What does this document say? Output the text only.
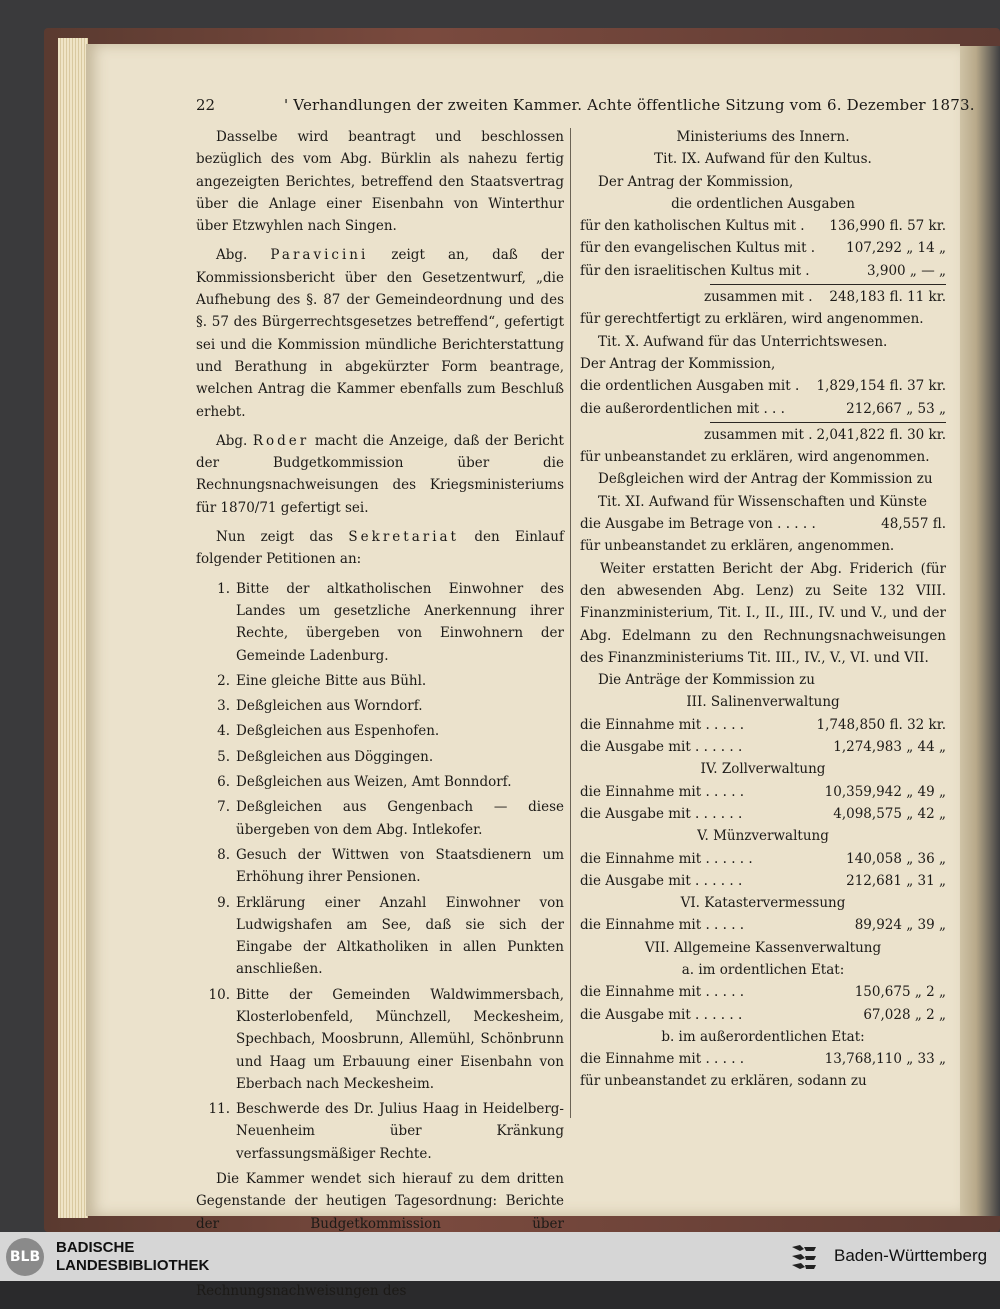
22	' Verhandlungen der zweiten Kammer. Achte öffentliche Sitzung vom 6. Dezember 1873.

Dasselbe wird beantragt und beschlossen bezüglich des vom Abg. Bürklin als nahezu fertig angezeigten Berichtes, betreffend den Staatsvertrag über die Anlage einer Eisenbahn von Winterthur über Etzwyhlen nach Singen.

Abg. Paravicini zeigt an, daß der Kommissionsbericht über den Gesetzentwurf, „die Aufhebung des §. 87 der Gemeindeordnung und des §. 57 des Bürgerrechtsgesetzes betreffend“, gefertigt sei und die Kommission mündliche Berichterstattung und Berathung in abgekürzter Form beantrage, welchen Antrag die Kammer ebenfalls zum Beschluß erhebt.

Abg. Roder macht die Anzeige, daß der Bericht der Budgetkommission über die Rechnungsnachweisungen des Kriegsministeriums für 1870/71 gefertigt sei.

Nun zeigt das Sekretariat den Einlauf folgender Petitionen an:

1. Bitte der altkatholischen Einwohner des Landes um gesetzliche Anerkennung ihrer Rechte, übergeben von Einwohnern der Gemeinde Ladenburg.
2. Eine gleiche Bitte aus Bühl.
3. Deßgleichen aus Worndorf.
4. Deßgleichen aus Espenhofen.
5. Deßgleichen aus Döggingen.
6. Deßgleichen aus Weizen, Amt Bonndorf.
7. Deßgleichen aus Gengenbach — diese übergeben von dem Abg. Intlekofer.
8. Gesuch der Wittwen von Staatsdienern um Erhöhung ihrer Pensionen.
9. Erklärung einer Anzahl Einwohner von Ludwigshafen am See, daß sie sich der Eingabe der Altkatholiken in allen Punkten anschließen.
10. Bitte der Gemeinden Waldwimmersbach, Klosterlobenfeld, Münchzell, Meckesheim, Spechbach, Moosbrunn, Allemühl, Schönbrunn und Haag um Erbauung einer Eisenbahn von Eberbach nach Meckesheim.
11. Beschwerde des Dr. Julius Haag in Heidelberg-Neuenheim über Kränkung verfassungsmäßiger Rechte.

Die Kammer wendet sich hierauf zu dem dritten Gegenstande der heutigen Tagesordnung: Berichte der Budgetkommission über Rechnungsnachweisungen des

Ministeriums des Innern.
Tit. IX. Aufwand für den Kultus.
Der Antrag der Kommission,
die ordentlichen Ausgaben
für den katholischen Kultus mit .	136,990 fl. 57 kr.
für den evangelischen Kultus mit .	107,292 „ 14 „
für den israelitischen Kultus mit .	3,900 „ — „
zusammen mit .	248,183 fl. 11 kr.
für gerechtfertigt zu erklären, wird angenommen.
Tit. X. Aufwand für das Unterrichtswesen.
Der Antrag der Kommission,
die ordentlichen Ausgaben mit .	1,829,154 fl. 37 kr.
die außerordentlichen mit . . .	212,667 „ 53 „
zusammen mit . 2,041,822 fl. 30 kr.
für unbeanstandet zu erklären, wird angenommen.
Deßgleichen wird der Antrag der Kommission zu
Tit. XI. Aufwand für Wissenschaften und Künste
die Ausgabe im Betrage von . . . . .	48,557 fl.
für unbeanstandet zu erklären, angenommen.

Weiter erstatten Bericht der Abg. Friderich (für den abwesenden Abg. Lenz) zu Seite 132 VIII. Finanzministerium, Tit. I., II., III., IV. und V., und der Abg. Edelmann zu den Rechnungsnachweisungen des Finanzministeriums Tit. III., IV., V., VI. und VII.

Die Anträge der Kommission zu
III. Salinenverwaltung
die Einnahme mit . . . . .	1,748,850 fl. 32 kr.
die Ausgabe mit . . . . . .	1,274,983 „ 44 „
IV. Zollverwaltung
die Einnahme mit . . . . .	10,359,942 „ 49 „
die Ausgabe mit . . . . . .	4,098,575 „ 42 „
V. Münzverwaltung
die Einnahme mit . . . . . .	140,058 „ 36 „
die Ausgabe mit . . . . . .	212,681 „ 31 „
VI. Katastervermessung
die Einnahme mit . . . . .	89,924 „ 39 „
VII. Allgemeine Kassenverwaltung
a. im ordentlichen Etat:
die Einnahme mit . . . . .	150,675 „ 2 „
die Ausgabe mit . . . . . .	67,028 „ 2 „
b. im außerordentlichen Etat:
die Einnahme mit . . . . .	13,768,110 „ 33 „
für unbeanstandet zu erklären, sodann zu
BLB
BADISCHE
LANDESBIBLIOTHEK
Baden-Württemberg
